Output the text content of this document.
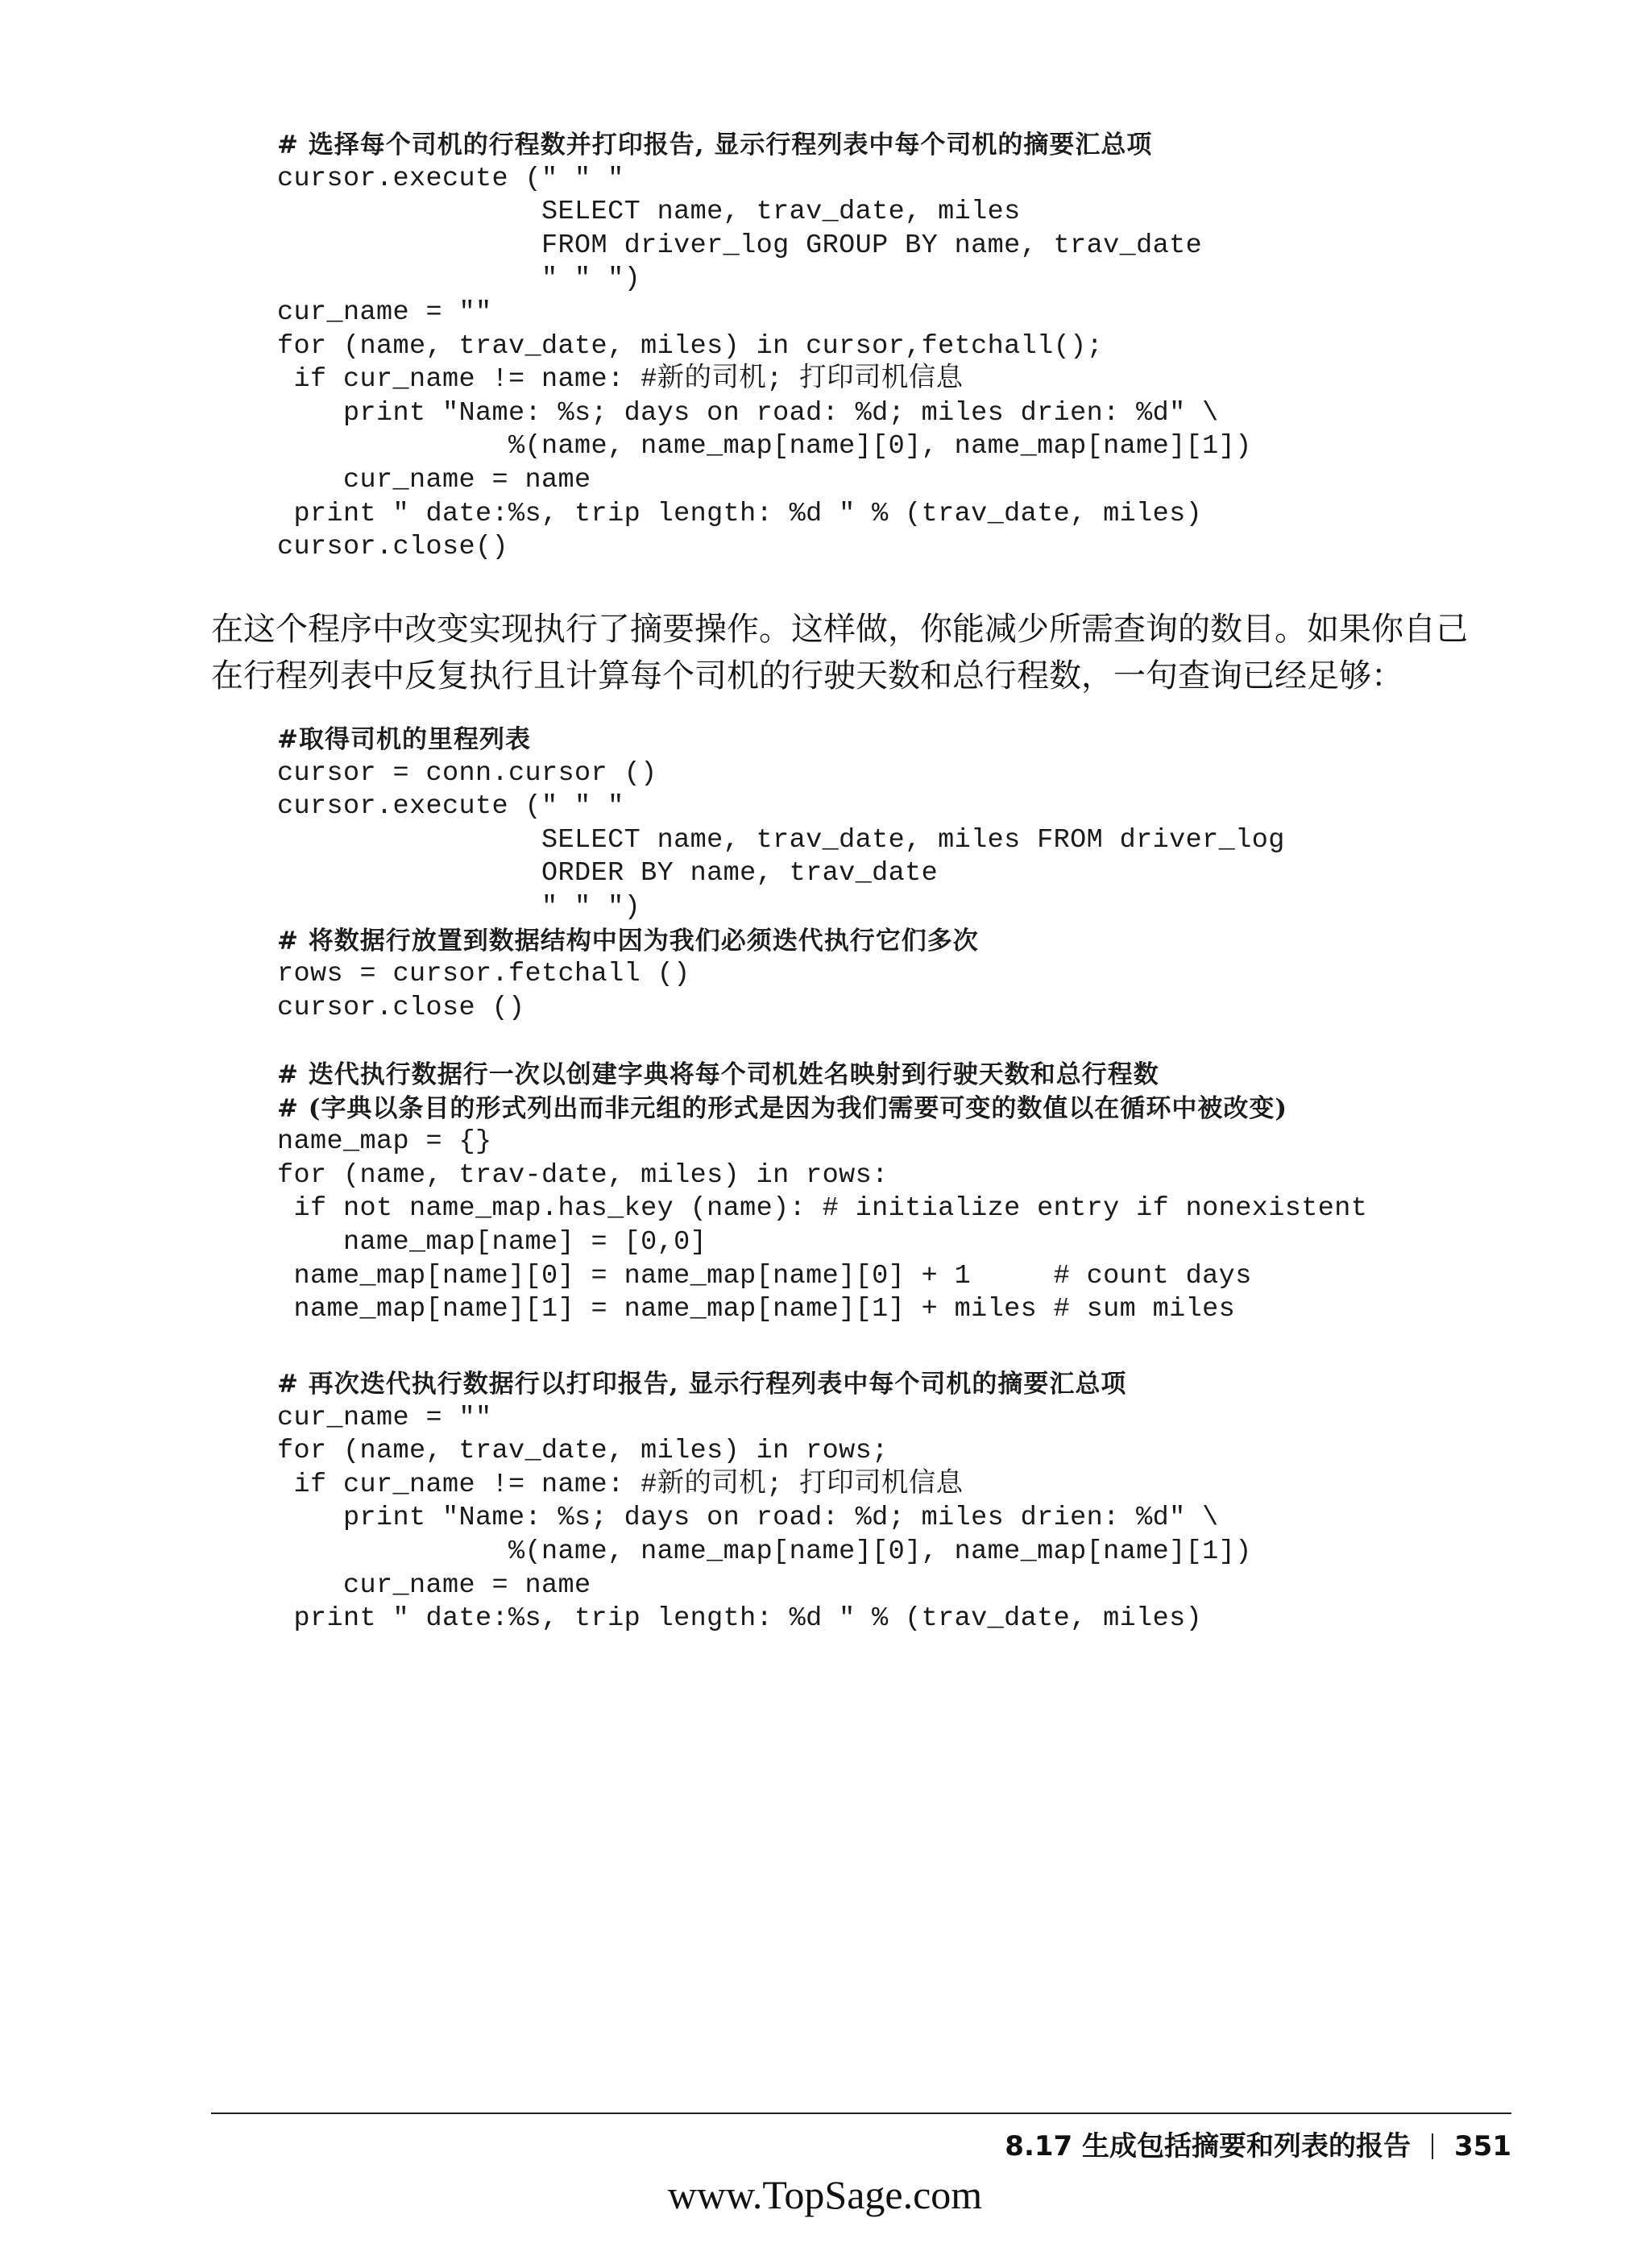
# 选择每个司机的行程数并打印报告, 显示行程列表中每个司机的摘要汇总项
cursor.execute (" " "
SELECT name, trav_date, miles
FROM driver_log GROUP BY name, trav_date
" " ")
cur_name = ""
for (name, trav_date, miles) in cursor,fetchall();
if cur_name != name: #新的司机; 打印司机信息
print "Name: %s; days on road: %d; miles drien: %d" \
%(name, name_map[name][0], name_map[name][1])
cur_name = name
print " date:%s, trip length: %d " % (trav_date, miles)
cursor.close()

在这个程序中改变实现执行了摘要操作。这样做，你能减少所需查询的数目。如果你自己

在行程列表中反复执行且计算每个司机的行驶天数和总行程数，一句查询已经足够：

#取得司机的里程列表
cursor = conn.cursor ()
cursor.execute (" " "
SELECT name, trav_date, miles FROM driver_log
ORDER BY name, trav_date
" " ")
# 将数据行放置到数据结构中因为我们必须迭代执行它们多次
rows = cursor.fetchall ()
cursor.close ()
# 迭代执行数据行一次以创建字典将每个司机姓名映射到行驶天数和总行程数
# (字典以条目的形式列出而非元组的形式是因为我们需要可变的数值以在循环中被改变)
name_map = {}
for (name, trav-date, miles) in rows:
if not name_map.has_key (name): # initialize entry if nonexistent
name_map[name] = [0,0]
name_map[name][0] = name_map[name][0] + 1     # count days
name_map[name][1] = name_map[name][1] + miles # sum miles
# 再次迭代执行数据行以打印报告, 显示行程列表中每个司机的摘要汇总项
cur_name = ""
for (name, trav_date, miles) in rows;
if cur_name != name: #新的司机; 打印司机信息
print "Name: %s; days on road: %d; miles drien: %d" \
%(name, name_map[name][0], name_map[name][1])
cur_name = name
print " date:%s, trip length: %d " % (trav_date, miles)
8.17 生成包括摘要和列表的报告 351
www.TopSage.com
